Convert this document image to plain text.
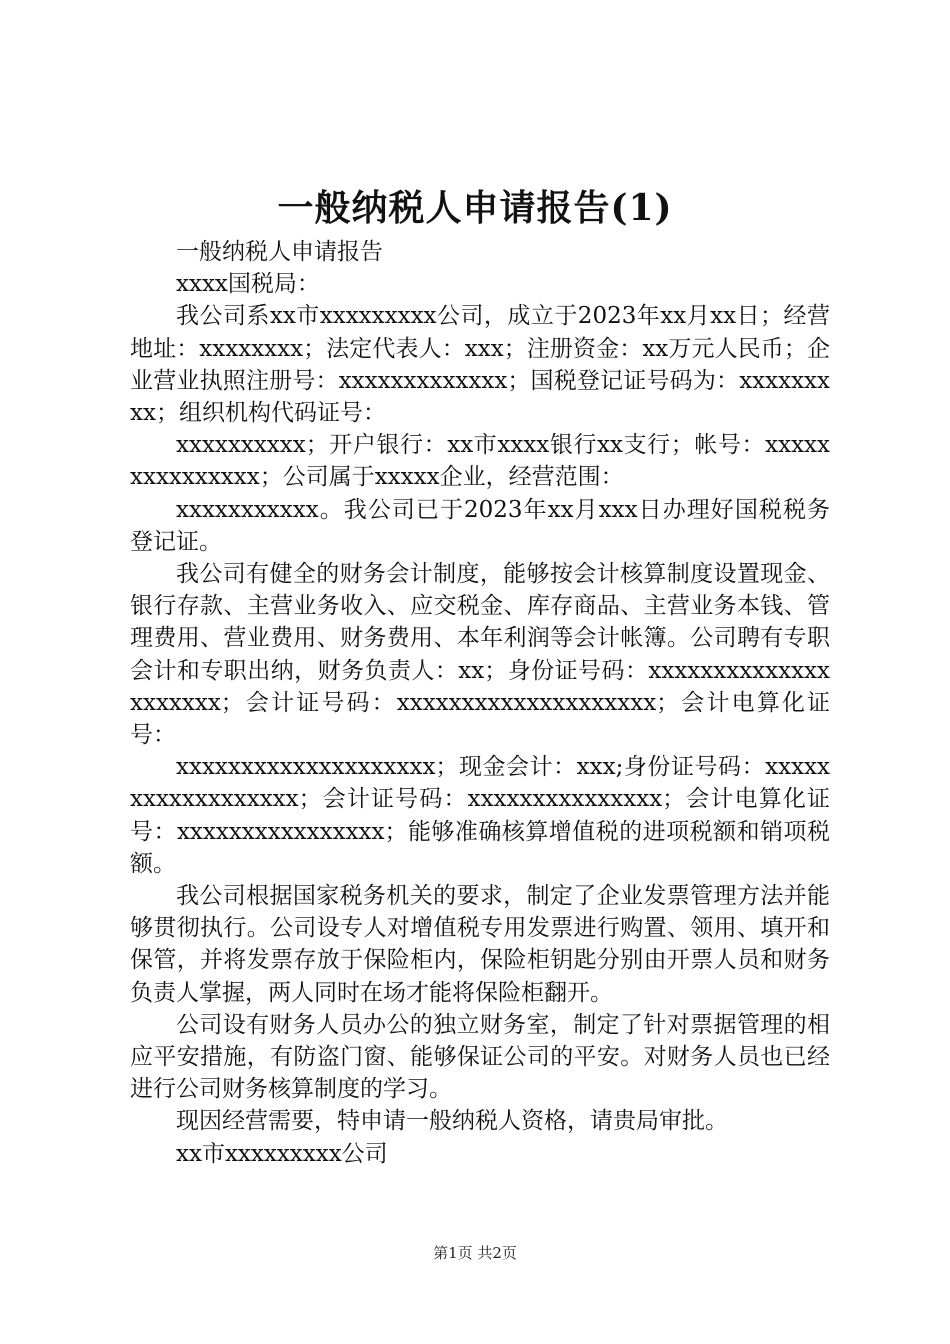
一般纳税人申请报告(1)

一般纳税人申请报告

xxxx国税局：

我公司系xx市xxxxxxxxx公司，成立于2023年xx月xx日；经营地址：xxxxxxxx；法定代表人：xxx；注册资金：xx万元人民币；企业营业执照注册号：xxxxxxxxxxxxx；国税登记证号码为：xxxxxxxxx；组织机构代码证号：

xxxxxxxxxx；开户银行：xx市xxxx银行xx支行；帐号：xxxxxxxxxxxxxxx；公司属于xxxxx企业，经营范围：

xxxxxxxxxxx。我公司已于2023年xx月xxx日办理好国税税务登记证。

我公司有健全的财务会计制度，能够按会计核算制度设置现金、银行存款、主营业务收入、应交税金、库存商品、主营业务本钱、管理费用、营业费用、财务费用、本年利润等会计帐簿。公司聘有专职会计和专职出纳，财务负责人：xx；身份证号码：xxxxxxxxxxxxxxxxxxxxx；会计证号码：xxxxxxxxxxxxxxxxxxxx；会计电算化证号：

xxxxxxxxxxxxxxxxxxxx；现金会计：xxx;身份证号码：xxxxxxxxxxxxxxxxxx；会计证号码：xxxxxxxxxxxxxxx；会计电算化证号：xxxxxxxxxxxxxxxx；能够准确核算增值税的进项税额和销项税额。

我公司根据国家税务机关的要求，制定了企业发票管理方法并能够贯彻执行。公司设专人对增值税专用发票进行购置、领用、填开和保管，并将发票存放于保险柜内，保险柜钥匙分别由开票人员和财务负责人掌握，两人同时在场才能将保险柜翻开。

公司设有财务人员办公的独立财务室，制定了针对票据管理的相应平安措施，有防盗门窗、能够保证公司的平安。对财务人员也已经进行公司财务核算制度的学习。

现因经营需要，特申请一般纳税人资格，请贵局审批。

xx市xxxxxxxxx公司

第1页 共2页
